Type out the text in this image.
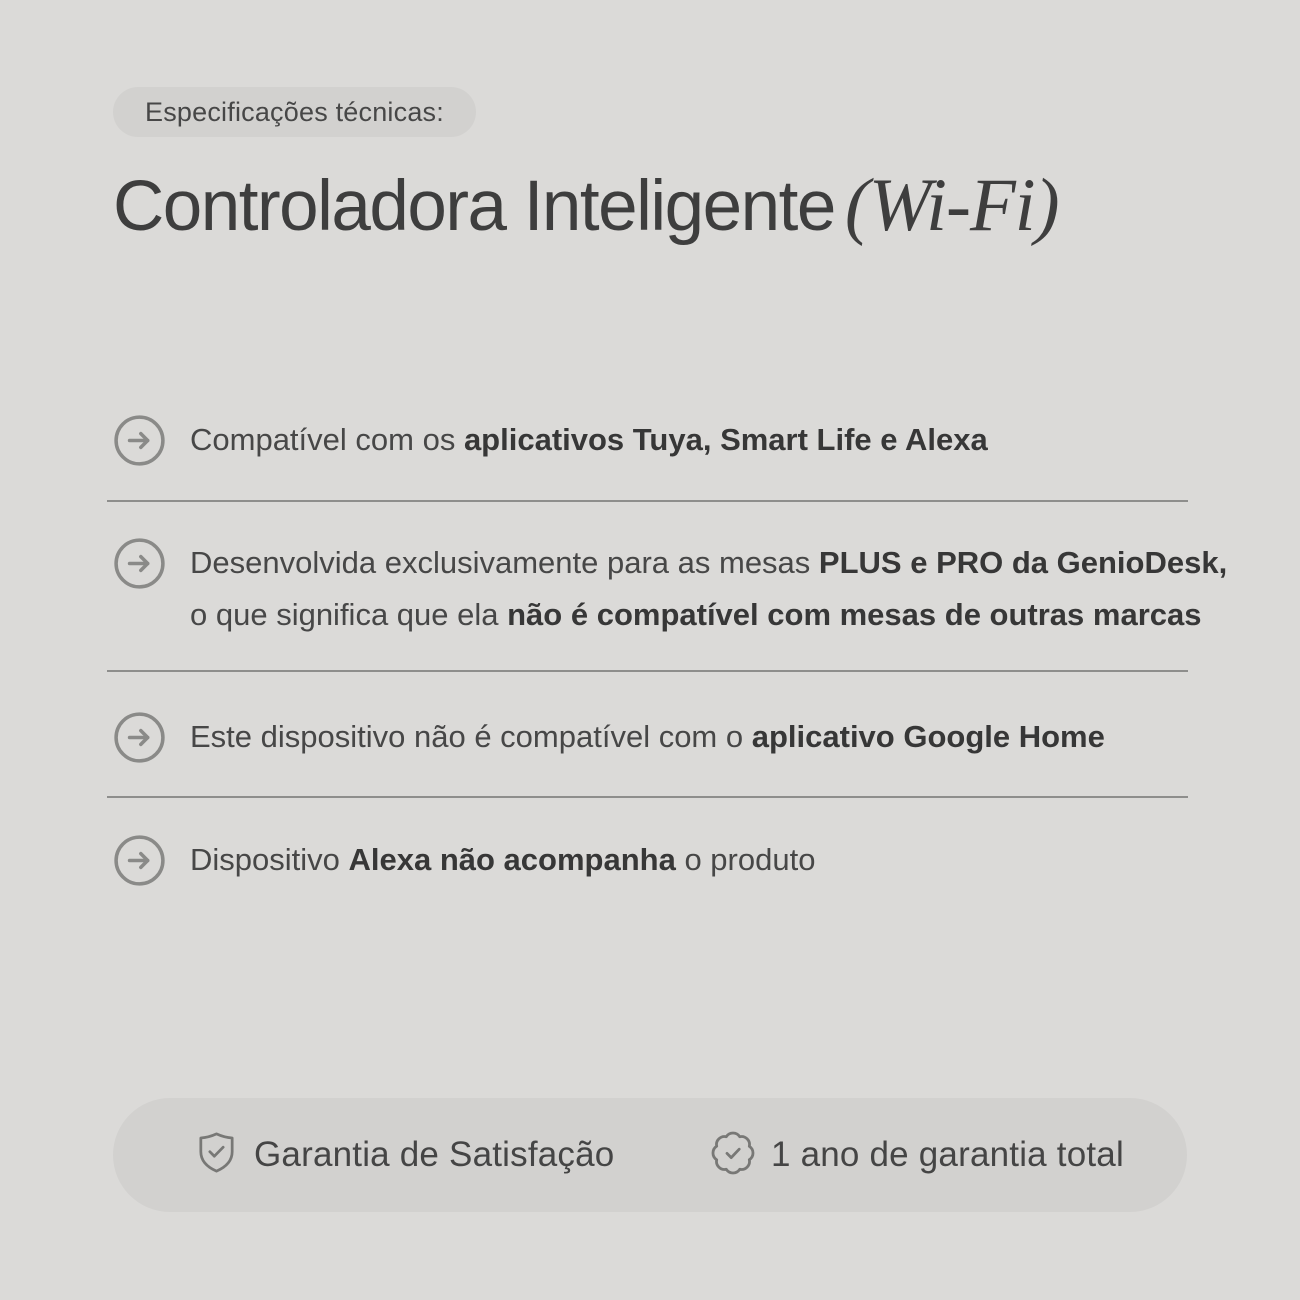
Especificações técnicas:
Controladora Inteligente (Wi-Fi)

Compatível com os aplicativos Tuya, Smart Life e Alexa

Desenvolvida exclusivamente para as mesas PLUS e PRO da GenioDesk,
o que significa que ela não é compatível com mesas de outras marcas

Este dispositivo não é compatível com o aplicativo Google Home

Dispositivo Alexa não acompanha o produto

Garantia de Satisfação	1 ano de garantia total
